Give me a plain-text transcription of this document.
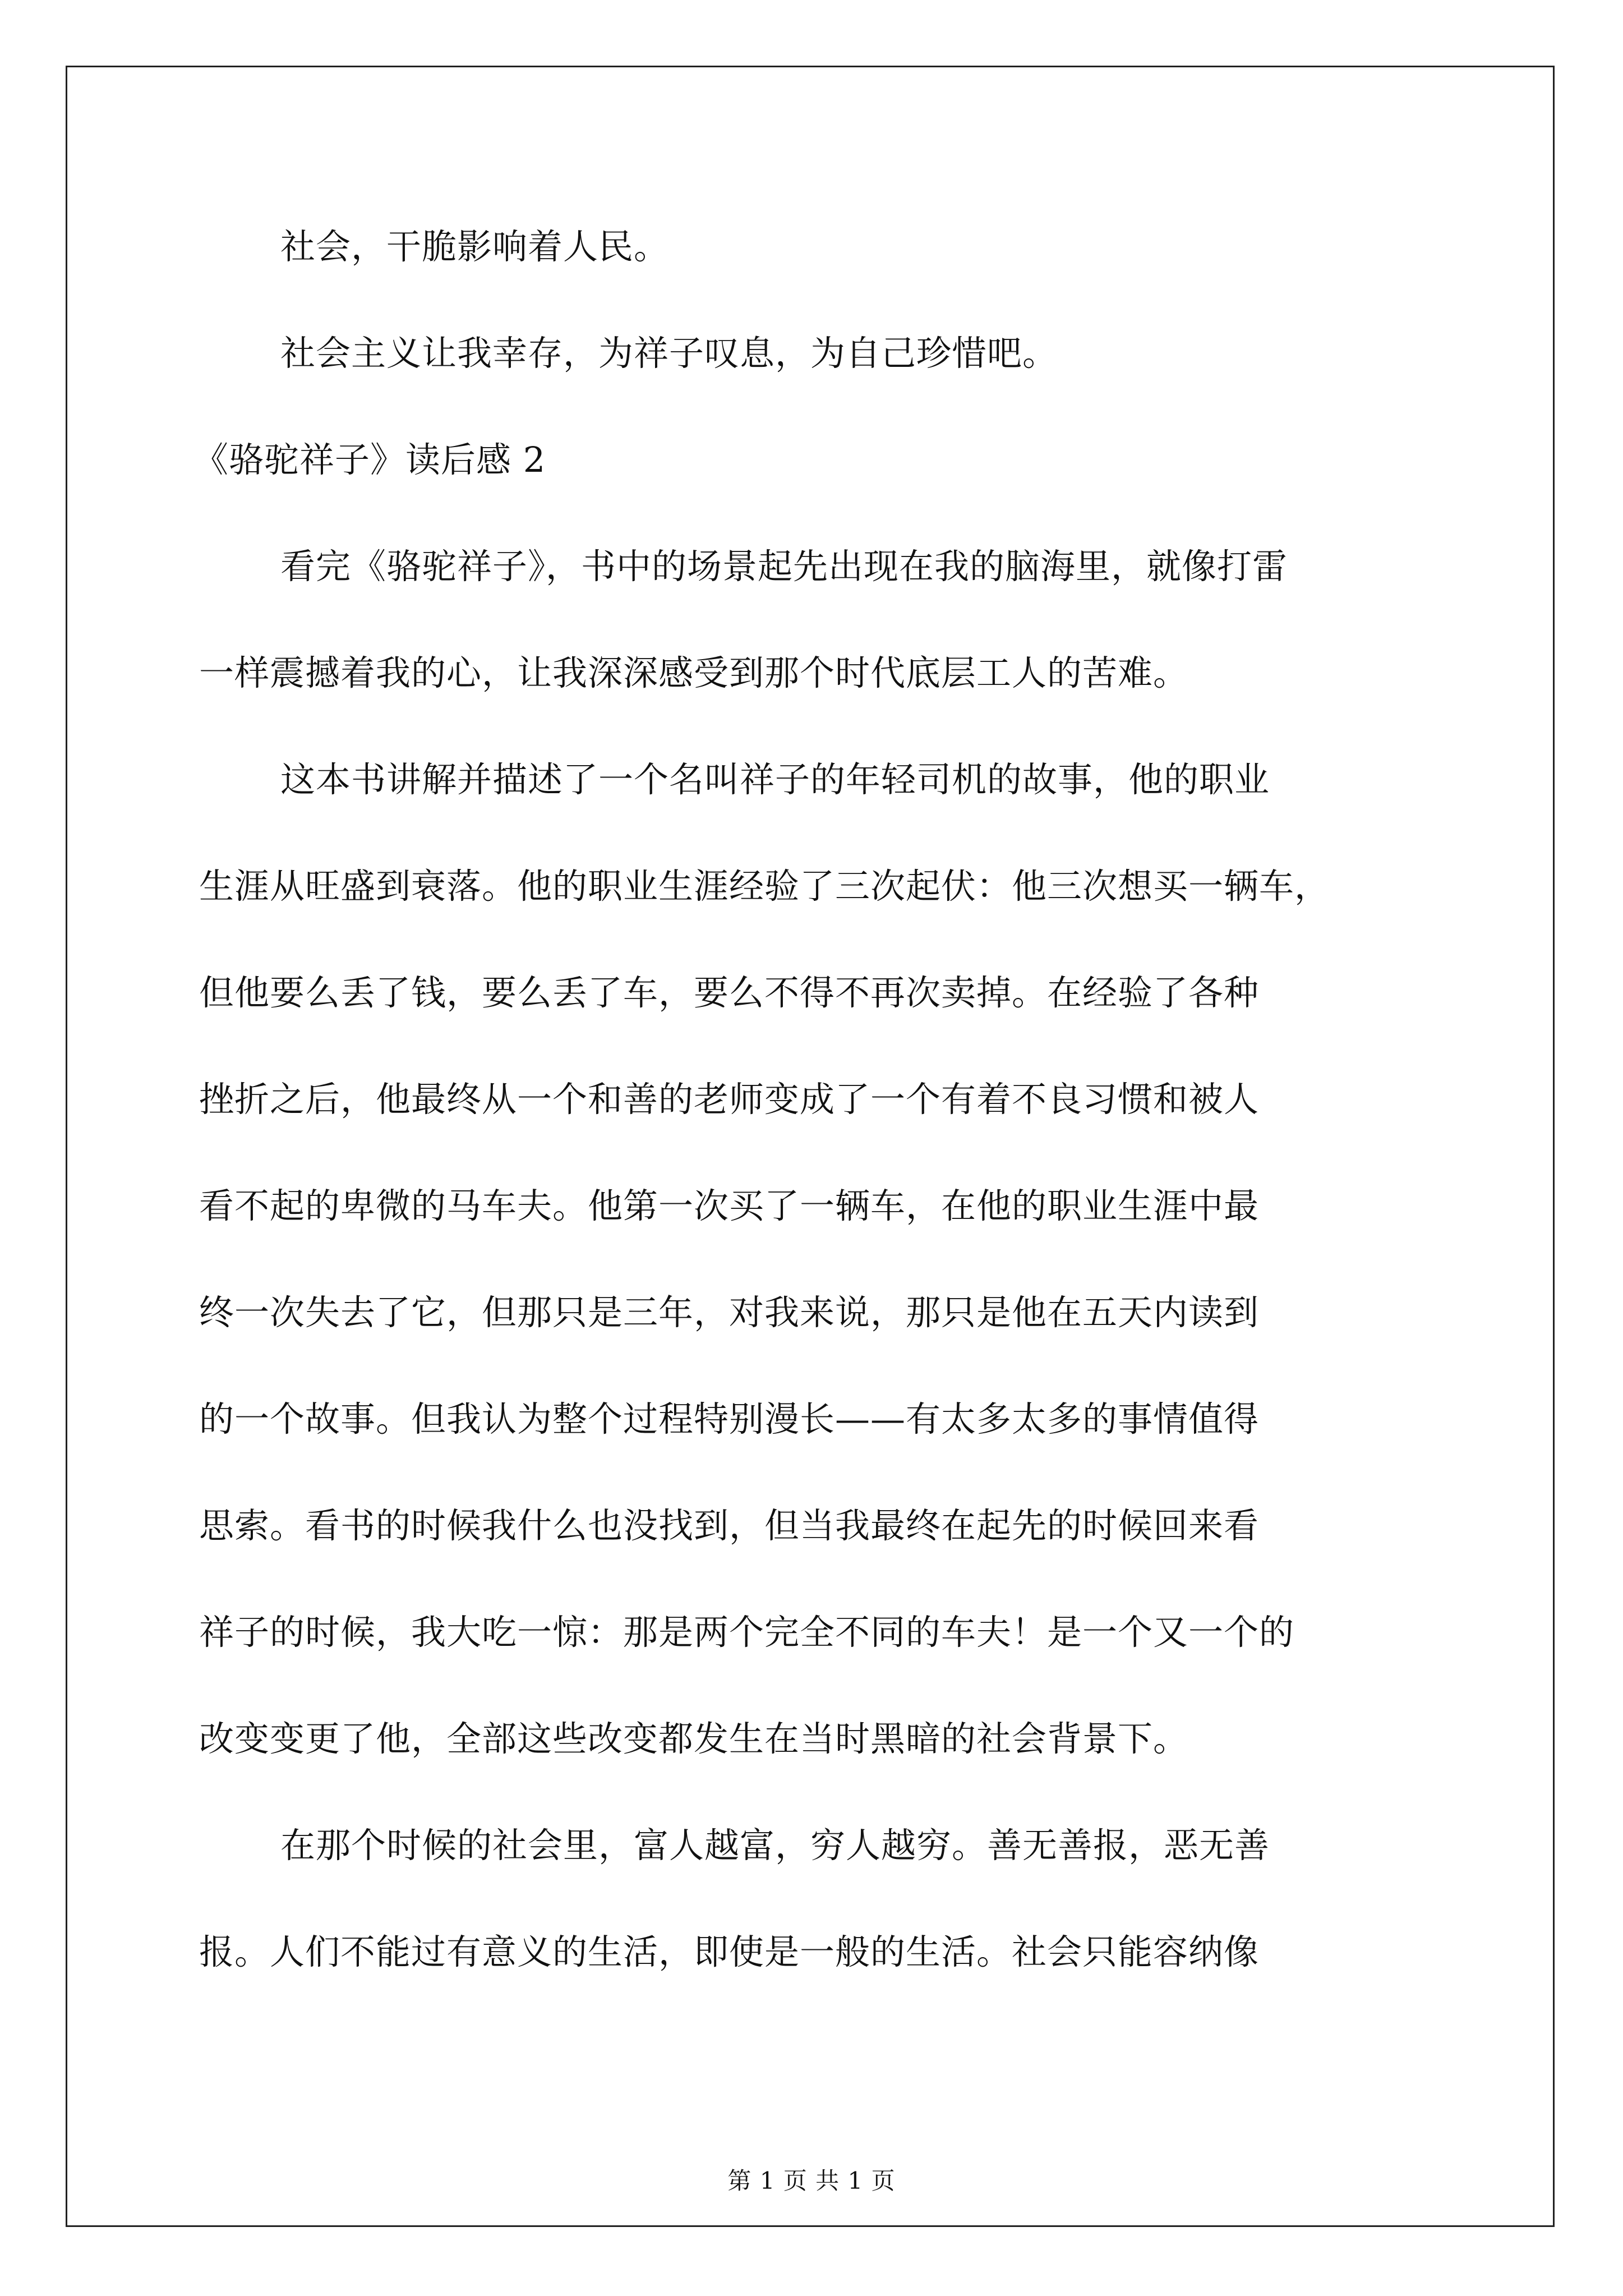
社会，干脆影响着人民。
社会主义让我幸存，为祥子叹息，为自己珍惜吧。
《骆驼祥子》读后感 2
看完《骆驼祥子》，书中的场景起先出现在我的脑海里，就像打雷
一样震撼着我的心，让我深深感受到那个时代底层工人的苦难。
这本书讲解并描述了一个名叫祥子的年轻司机的故事，他的职业
生涯从旺盛到衰落。他的职业生涯经验了三次起伏：他三次想买一辆车，
但他要么丢了钱，要么丢了车，要么不得不再次卖掉。在经验了各种
挫折之后，他最终从一个和善的老师变成了一个有着不良习惯和被人
看不起的卑微的马车夫。他第一次买了一辆车，在他的职业生涯中最
终一次失去了它，但那只是三年，对我来说，那只是他在五天内读到
的一个故事。但我认为整个过程特别漫长——有太多太多的事情值得
思索。看书的时候我什么也没找到，但当我最终在起先的时候回来看
祥子的时候，我大吃一惊：那是两个完全不同的车夫！是一个又一个的
改变变更了他，全部这些改变都发生在当时黑暗的社会背景下。
在那个时候的社会里，富人越富，穷人越穷。善无善报，恶无善
报。人们不能过有意义的生活，即使是一般的生活。社会只能容纳像
第 1 页 共 1 页
